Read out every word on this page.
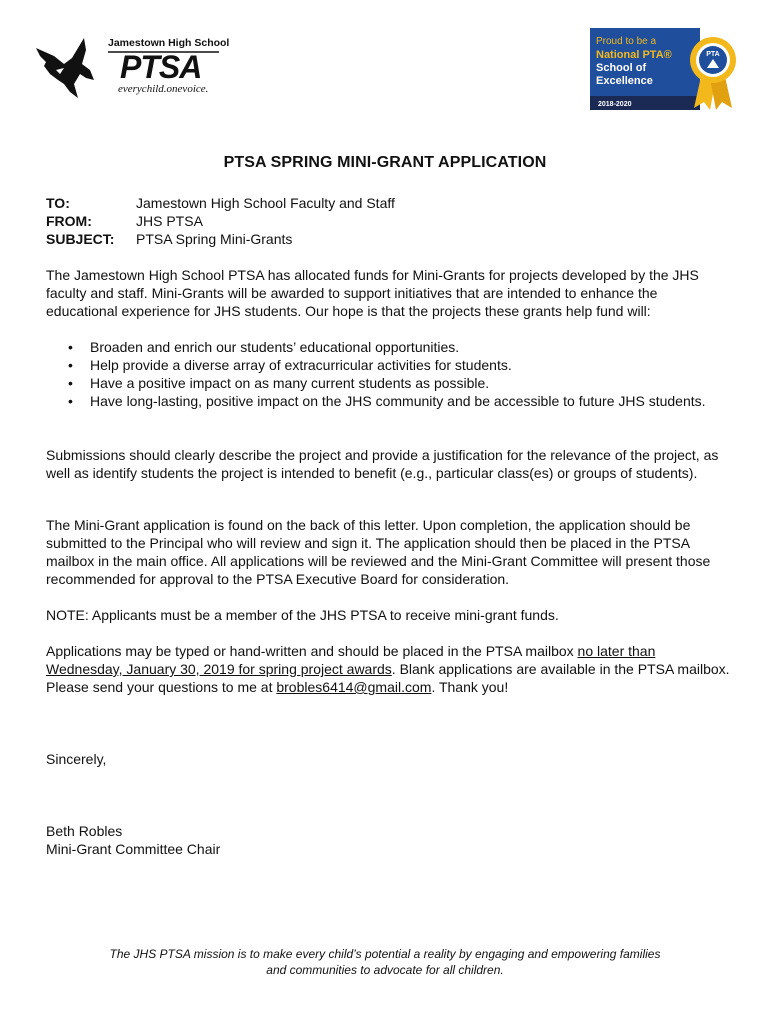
Jamestown High School
PTSA
everychild.onevoice.
Proud to be a
National PTA®
School of
Excellence
2018-2020
PTA
PTSA SPRING MINI-GRANT APPLICATION
TO:	Jamestown High School Faculty and Staff
FROM:	JHS PTSA
SUBJECT:	PTSA Spring Mini-Grants

The Jamestown High School PTSA has allocated funds for Mini-Grants for projects developed by the JHS faculty and staff. Mini-Grants will be awarded to support initiatives that are intended to enhance the educational experience for JHS students. Our hope is that the projects these grants help fund will:

• Broaden and enrich our students’ educational opportunities.
• Help provide a diverse array of extracurricular activities for students.
• Have a positive impact on as many current students as possible.
• Have long-lasting, positive impact on the JHS community and be accessible to future JHS students.

Submissions should clearly describe the project and provide a justification for the relevance of the project, as well as identify students the project is intended to benefit (e.g., particular class(es) or groups of students).

The Mini-Grant application is found on the back of this letter. Upon completion, the application should be submitted to the Principal who will review and sign it. The application should then be placed in the PTSA mailbox in the main office. All applications will be reviewed and the Mini-Grant Committee will present those recommended for approval to the PTSA Executive Board for consideration.

NOTE: Applicants must be a member of the JHS PTSA to receive mini-grant funds.

Applications may be typed or hand-written and should be placed in the PTSA mailbox no later than Wednesday, January 30, 2019 for spring project awards. Blank applications are available in the PTSA mailbox. Please send your questions to me at brobles6414@gmail.com. Thank you!

Sincerely,
Beth Robles
Mini-Grant Committee Chair
The JHS PTSA mission is to make every child’s potential a reality by engaging and empowering families
and communities to advocate for all children.
